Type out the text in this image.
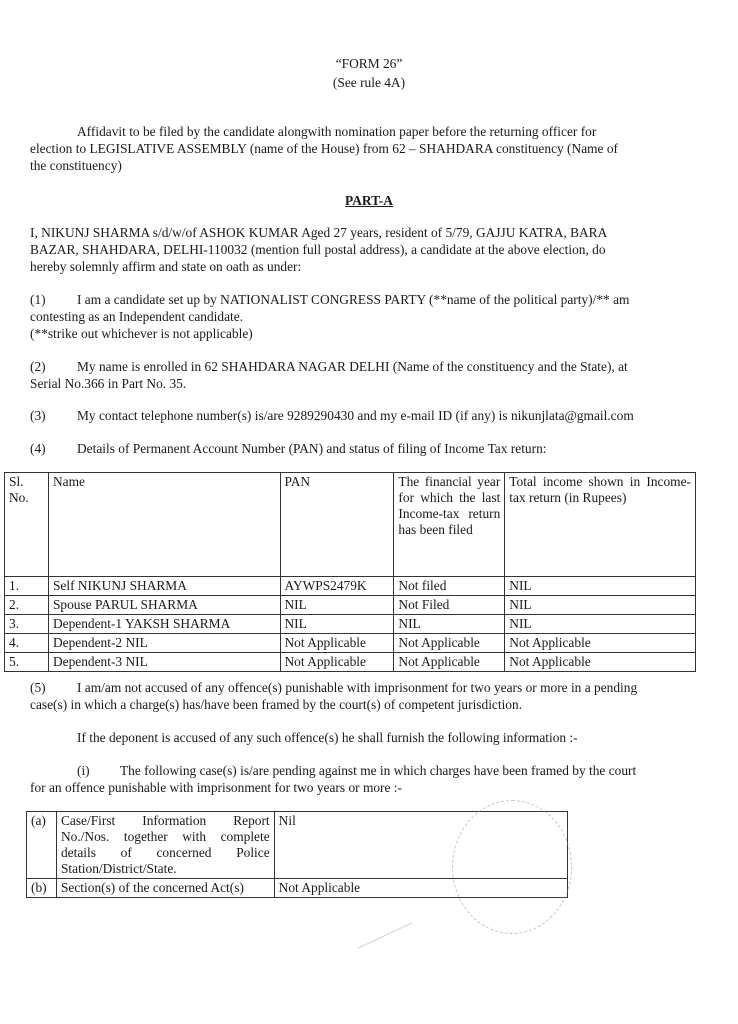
“FORM 26”
(See rule 4A)
Affidavit to be filed by the candidate alongwith nomination paper before the returning officer for
election to LEGISLATIVE ASSEMBLY (name of the House) from 62 – SHAHDARA constituency (Name of
the constituency)
PART-A
I, NIKUNJ SHARMA s/d/w/of ASHOK KUMAR Aged 27 years, resident of 5/79, GAJJU KATRA, BARA
BAZAR, SHAHDARA, DELHI-110032 (mention full postal address), a candidate at the above election, do
hereby solemnly affirm and state on oath as under:
(1) I am a candidate set up by NATIONALIST CONGRESS PARTY (**name of the political party)/** am
contesting as an Independent candidate.
(**strike out whichever is not applicable)
(2) My name is enrolled in 62 SHAHDARA NAGAR DELHI (Name of the constituency and the State), at
Serial No.366 in Part No. 35.
(3) My contact telephone number(s) is/are 9289290430 and my e-mail ID (if any) is nikunjlata@gmail.com
(4) Details of Permanent Account Number (PAN) and status of filing of Income Tax return:
Sl. No.	Name	PAN	The financial year for which the last Income-tax return has been filed	Total income shown in Income-tax return (in Rupees)
1.	Self NIKUNJ SHARMA	AYWPS2479K	Not filed	NIL
2.	Spouse PARUL SHARMA	NIL	Not Filed	NIL
3.	Dependent-1 YAKSH SHARMA	NIL	NIL	NIL
4.	Dependent-2 NIL	Not Applicable	Not Applicable	Not Applicable
5.	Dependent-3 NIL	Not Applicable	Not Applicable	Not Applicable
(5) I am/am not accused of any offence(s) punishable with imprisonment for two years or more in a pending
case(s) in which a charge(s) has/have been framed by the court(s) of competent jurisdiction.
If the deponent is accused of any such offence(s) he shall furnish the following information :-
(i) The following case(s) is/are pending against me in which charges have been framed by the court
for an offence punishable with imprisonment for two years or more :-
(a)	Case/First Information Report No./Nos. together with complete details of concerned Police Station/District/State.	Nil
(b)	Section(s) of the concerned Act(s)	Not Applicable
